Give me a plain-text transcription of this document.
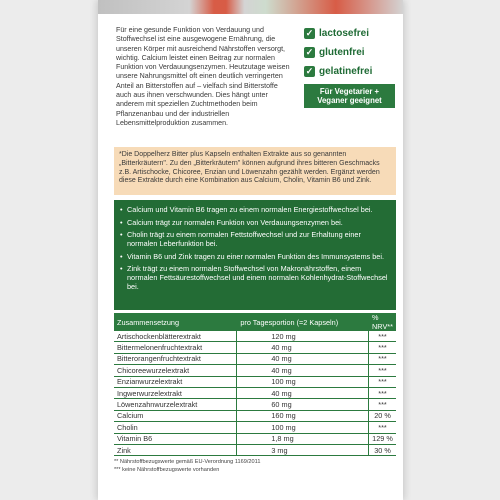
Für eine gesunde Funktion von Verdauung und Stoffwechsel ist eine ausgewogene Ernährung, die unseren Körper mit ausreichend Nährstoffen versorgt, wichtig. Calcium leistet einen Beitrag zur normalen Funktion von Verdauungsenzymen. Heutzutage weisen unsere Nahrungsmittel oft einen deutlich verringerten Anteil an Bitterstoffen auf – vielfach sind Bitterstoffe auch aus ihnen verschwunden. Dies hängt unter anderem mit speziellen Zuchtmethoden beim Pflanzenanbau und der industriellen Lebensmittelproduktion zusammen.
✓ lactosefrei
✓ glutenfrei
✓ gelatinefrei
Für Vegetarier + Veganer geeignet
*Die Doppelherz Bitter plus Kapseln enthalten Extrakte aus so genannten „Bitterkräutern". Zu den „Bitterkräutern" können aufgrund ihres bitteren Geschmacks z.B. Artischocke, Chicoree, Enzian und Löwenzahn gezählt werden. Ergänzt werden diese Extrakte durch eine Kombination aus Calcium, Cholin, Vitamin B6 und Zink.
• Calcium und Vitamin B6 tragen zu einem normalen Energiestoffwechsel bei.
• Calcium trägt zur normalen Funktion von Verdauungsenzymen bei.
• Cholin trägt zu einem normalen Fettstoffwechsel und zur Erhaltung einer normalen Leberfunktion bei.
• Vitamin B6 und Zink tragen zu einer normalen Funktion des Immunsystems bei.
• Zink trägt zu einem normalen Stoffwechsel von Makronährstoffen, einem normalen Fettsäurestoffwechsel und einem normalen Kohlenhydrat-Stoffwechsel bei.
Zusammensetzung	pro Tagesportion (=2 Kapseln)	% NRV**
Artischockenblätterextrakt	120 mg	***
Bittermelonenfruchtextrakt	40 mg	***
Bitterorangenfruchtextrakt	40 mg	***
Chicoreewurzelextrakt	40 mg	***
Enzianwurzelextrakt	100 mg	***
Ingwerwurzelextrakt	40 mg	***
Löwenzahnwurzelextrakt	60 mg	***
Calcium	160 mg	20 %
Cholin	100 mg	***
Vitamin B6	1,8 mg	129 %
Zink	3 mg	30 %
** Nährstoffbezugswerte gemäß EU-Verordnung 1169/2011
*** keine Nährstoffbezugswerte vorhanden
